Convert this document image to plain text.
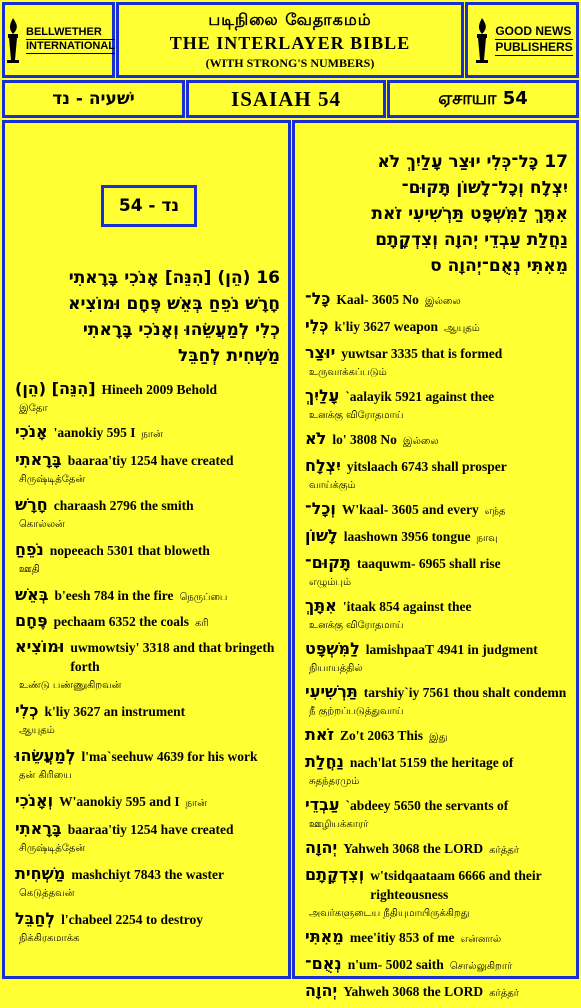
BELLWETHER
INTERNATIONAL
படிநிலை வேதாகமம்
THE INTERLAYER BIBLE
(WITH STRONG'S NUMBERS)
GOOD NEWS
PUBLISHERS
ישׁעיה - נד	ISAIAH 54	ஏசாயா 54
54 - נד
16 (הֵן) [הִנֵּה] אָנֹכִי בָּרָאתִי
חָרָשׁ נֹפֵחַ בְּאֵשׁ פֶּחָם וּמוֹצִיא
כְלִי לְמַעֲשֵׂהוּ וְאָנֹכִי בָּרָאתִי
מַשְׁחִית לְחַבֵּל
(הֵן) [הִנֵּה] Hineeh 2009 Behold
இதோ
אָנֹכִי 'aanokiy 595 I நான்
בָּרָאתִי baaraa'tiy 1254 have created
சிருஷ்டித்தேன்
חָרָשׁ charaash 2796 the smith
கொல்லன்
נֹפֵחַ nopeeach 5301 that bloweth
ஊதி
בְּאֵשׁ b'eesh 784 in the fire நெருப்பை
פֶּחָם pechaam 6352 the coals கரி
וּמוֹצִיא uwmowtsiy' 3318 and that bringeth forth
உண்டு பண்ணுகிறவன்
כְלִי k'liy 3627 an instrument
ஆயுதம்
לְמַעֲשֵׂהוּ l'ma`seehuw 4639 for his work
தன் கிரியை
וְאָנֹכִי W'aanokiy 595 and I நான்
בָּרָאתִי baaraa'tiy 1254 have created
சிருஷ்டித்தேன்
מַשְׁחִית mashchiyt 7843 the waster
கெடுத்தவன்
לְחַבֵּל l'chabeel 2254 to destroy
நிக்கிரகமாக்க
17 כָּל־כְּלִי יוּצַר עָלַיִךְ לֹא
יִצְלָח וְכָל־לָשׁוֹן תָּקוּם־
אִתָּךְ לַמִּשְׁפָּט תַּרְשִׁיעִי זֹאת
נַחֲלַת עַבְדֵי יְהוָה וְצִדְקָתָם
מֵאִתִּי נְאֻם־יְהוָה ס
כָּל־ Kaal- 3605 No இல்லை
כְּלִי k'liy 3627 weapon ஆயுதம்
יוּצַר yuwtsar 3335 that is formed
உருவாக்கப்படும்
עָלַיִךְ `aalayik 5921 against thee
உனக்கு விரோதமாய்
לֹא lo' 3808 No இல்லை
יִצְלָח yitslaach 6743 shall prosper
வாய்க்கும்
וְכָל־ W'kaal- 3605 and every எந்த
לָשׁוֹן laashown 3956 tongue நாவு
תָּקוּם־ taaquwm- 6965 shall rise
எழும்பும்
אִתָּךְ 'itaak 854 against thee
உனக்கு விரோதமாய்
לַמִּשְׁפָּט lamishpaaT 4941 in judgment
நியாயத்தில்
תַּרְשִׁיעִי tarshiy`iy 7561 thou shalt condemn
நீ குற்றப்படுத்துவாய்
זֹאת Zo't 2063 This இது
נַחֲלַת nach'lat 5159 the heritage of
சுதந்தரமும்
עַבְדֵי `abdeey 5650 the servants of
ஊழியக்காரர்
יְהוָה Yahweh 3068 the LORD கர்த்தர்
וְצִדְקָתָם w'tsidqaataam 6666 and their righteousness
அவர்களுடைய நீதியுமாயிருக்கிறது
מֵאִתִּי mee'itiy 853 of me என்னால்
נְאֻם־ n'um- 5002 saith சொல்லுகிறார்
יְהוָה Yahweh 3068 the LORD கர்த்தர்
